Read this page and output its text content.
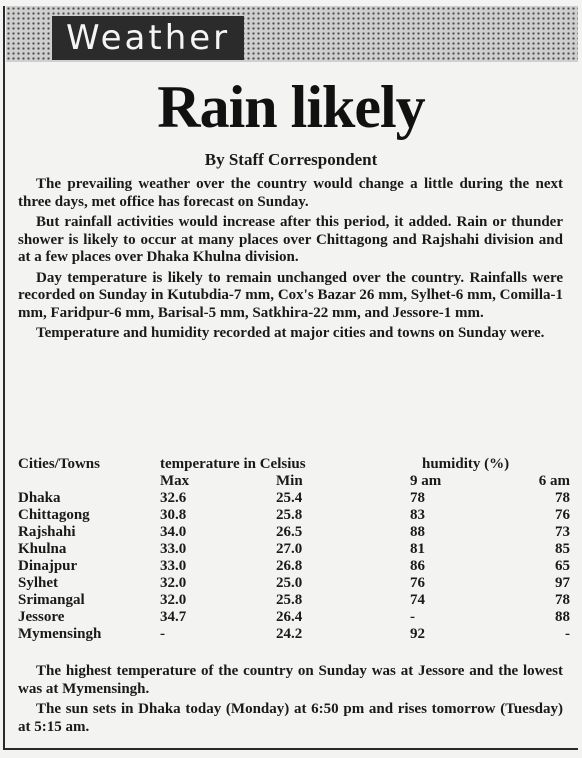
Weather
Rain likely
By Staff Correspondent

The prevailing weather over the country would change a little during the next three days, met office has forecast on Sunday.

But rainfall activities would increase after this period, it added. Rain or thunder shower is likely to occur at many places over Chittagong and Rajshahi division and at a few places over Dhaka Khulna division.

Day temperature is likely to remain unchanged over the country. Rainfalls were recorded on Sunday in Kutubdia-7 mm, Cox's Bazar 26 mm, Sylhet-6 mm, Comilla-1 mm, Faridpur-6 mm, Barisal-5 mm, Satkhira-22 mm, and Jessore-1 mm.

Temperature and humidity recorded at major cities and towns on Sunday were.

Cities/Towns	temperature in Celsius	humidity (%)
Max	Min	9 am	6 am
Dhaka	32.6	25.4	78	78
Chittagong	30.8	25.8	83	76
Rajshahi	34.0	26.5	88	73
Khulna	33.0	27.0	81	85
Dinajpur	33.0	26.8	86	65
Sylhet	32.0	25.0	76	97
Srimangal	32.0	25.8	74	78
Jessore	34.7	26.4	-	88
Mymensingh	-	24.2	92	-

The highest temperature of the country on Sunday was at Jessore and the lowest was at Mymensingh.

The sun sets in Dhaka today (Monday) at 6:50 pm and rises tomorrow (Tuesday) at 5:15 am.
